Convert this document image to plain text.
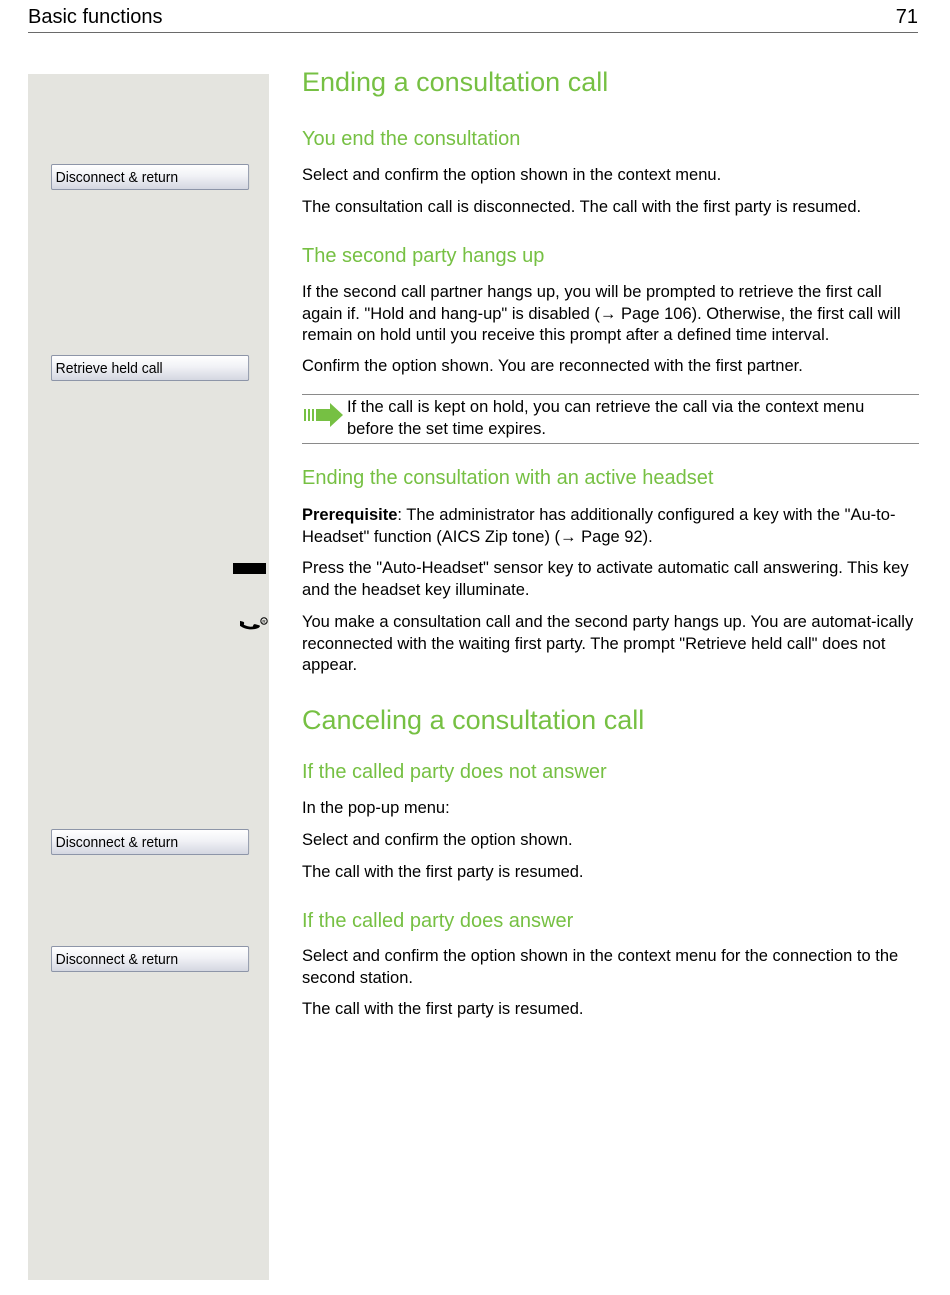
Basic functions	71
Disconnect & return
Retrieve held call
R
Disconnect & return
Disconnect & return
Ending a consultation call
You end the consultation
Select and confirm the option shown in the context menu.
The consultation call is disconnected. The call with the first party is resumed.
The second party hangs up
If the second call partner hangs up, you will be prompted to retrieve the first call again if. "Hold and hang-up" is disabled (→ Page 106). Otherwise, the first call will remain on hold until you receive this prompt after a defined time interval.
Confirm the option shown. You are reconnected with the first partner.
If the call is kept on hold, you can retrieve the call via the context menu before the set time expires.
Ending the consultation with an active headset
Prerequisite: The administrator has additionally configured a key with the "Au-to-Headset" function (AICS Zip tone) (→ Page 92).
Press the "Auto-Headset" sensor key to activate automatic call answering. This key and the headset key illuminate.
You make a consultation call and the second party hangs up. You are automat-ically reconnected with the waiting first party. The prompt "Retrieve held call" does not appear.
Canceling a consultation call
If the called party does not answer
In the pop-up menu:
Select and confirm the option shown.
The call with the first party is resumed.
If the called party does answer
Select and confirm the option shown in the context menu for the connection to the second station.
The call with the first party is resumed.
